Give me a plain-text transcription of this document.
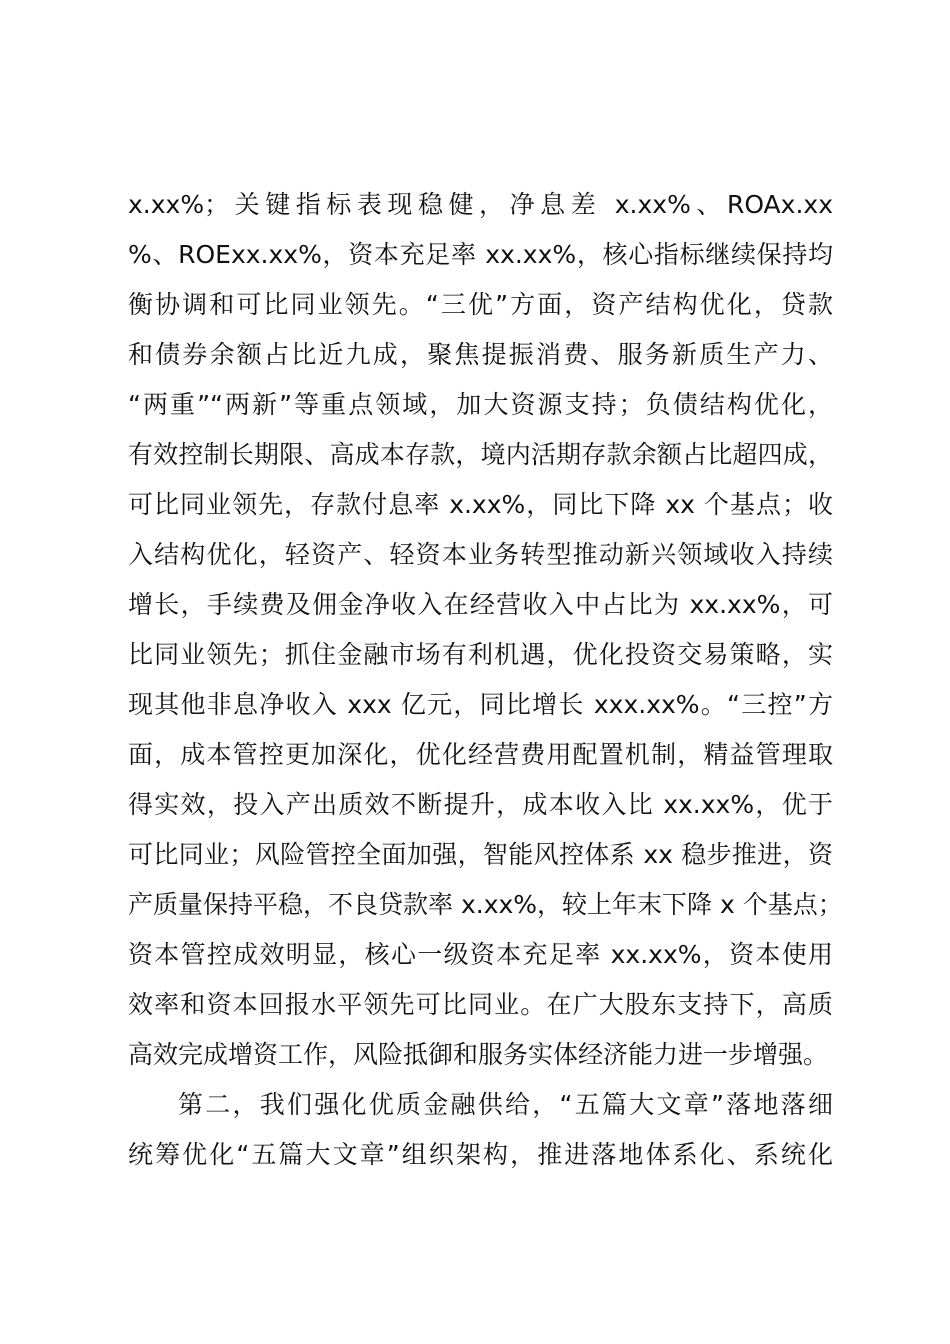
x.xx%；关键指标表现稳健，净息差 x.xx%、ROAx.xx
%、ROExx.xx%，资本充足率 xx.xx%，核心指标继续保持均
衡协调和可比同业领先。“三优”方面，资产结构优化，贷款
和债券余额占比近九成，聚焦提振消费、服务新质生产力、
“两重”“两新”等重点领域，加大资源支持；负债结构优化，
有效控制长期限、高成本存款，境内活期存款余额占比超四成，
可比同业领先，存款付息率 x.xx%，同比下降 xx 个基点；收
入结构优化，轻资产、轻资本业务转型推动新兴领域收入持续
增长，手续费及佣金净收入在经营收入中占比为 xx.xx%，可
比同业领先；抓住金融市场有利机遇，优化投资交易策略，实
现其他非息净收入 xxx 亿元，同比增长 xxx.xx%。“三控”方
面，成本管控更加深化，优化经营费用配置机制，精益管理取
得实效，投入产出质效不断提升，成本收入比 xx.xx%，优于
可比同业；风险管控全面加强，智能风控体系 xx 稳步推进，资
产质量保持平稳，不良贷款率 x.xx%，较上年末下降 x 个基点；
资本管控成效明显，核心一级资本充足率 xx.xx%，资本使用
效率和资本回报水平领先可比同业。在广大股东支持下，高质
高效完成增资工作，风险抵御和服务实体经济能力进一步增强。
第二，我们强化优质金融供给，“五篇大文章”落地落细
统筹优化“五篇大文章”组织架构，推进落地体系化、系统化
